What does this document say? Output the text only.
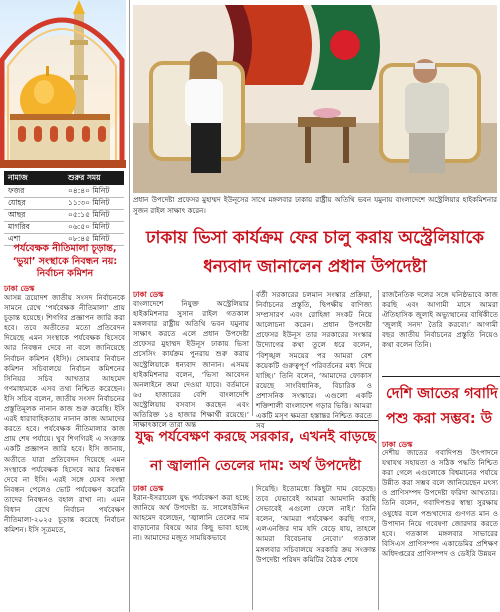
নামাজ	শুরুর সময়
ফজর	০৪:৪০ মিনিট
যোহর	১১:৩০ মিনিট
আছর	০৫:১৫ মিনিট
মাগরিব	০৬:৫০ মিনিট
এশা	০৮:৪৫ মিনিট
পর্যবেক্ষক নীতিমালা চূড়ান্ত, ‘ভুয়া’ সংস্থাকে নিবন্ধন নয়: নির্বাচন কমিশন
ঢাকা ডেস্ক
আসন্ন ত্রয়োদশ জাতীয় সংসদ নির্বাচনকে সামনে রেখে ‘পর্যবেক্ষক নীতিমালা’ প্রায় চূড়ান্ত হয়েছে। শিগগির প্রজ্ঞাপন জারি করা হবে। তবে অতীতের মতো প্রতিবেদন দিয়েছে এমন সংস্থাকে পর্যবেক্ষক হিসেবে আর নিবন্ধন দেবে না বলে জানিয়েছে নির্বাচন কমিশন (ইসি)। সোমবার নির্বাচন কমিশন সচিবালয়ে নির্বাচন কমিশনের সিনিয়র সচিব আখতার আহমেদ গণমাধ্যমকে এসব তথ্য নিশ্চিত করেছেন। ইসি সচিব বলেন, জাতীয় সংসদ নির্বাচনের প্রস্তুতিমূলক নানান কাজ শুরু করেছি। ইসি এরই ধারাবাহিকতায় নানান কাজ আমাদের করতে হবে। পর্যবেক্ষক নীতিমালার কাজ প্রায় শেষ পর্যায়ে। খুব শিগগিরই এ সংক্রান্ত একটি প্রজ্ঞাপন জারি হবে। ইসি জানায়, অতীতে যারা প্রতিবেদন দিয়েছে এমন সংস্থাকে পর্যবেক্ষক হিসেবে আর নিবন্ধন দেবে না ইসি। এরই সঙ্গে যেসব সংস্থা নিবন্ধন পেলেও ভোট পর্যবেক্ষণ করেনি তাদের নিবন্ধনও বহাল রাখা না। এমন বিধান রেখে নির্বাচন পর্যবেক্ষণ নীতিমালা-২০২৫ চূড়ান্ত করেছে নির্বাচন কমিশন। ইসি সূত্রমতে,
প্রধান উপদেষ্টা প্রফেসর মুহাম্মদ ইউনূসের সাথে মঙ্গলবার ঢাকায় রাষ্ট্রীয় অতিথি ভবন যমুনায় বাংলাদেশে অস্ট্রেলিয়ার হাইকমিশনার সুজন রাইল সাক্ষাৎ করেন।
ঢাকায় ভিসা কার্যক্রম ফের চালু করায় অস্ট্রেলিয়াকে ধন্যবাদ জানালেন প্রধান উপদেষ্টা
ঢাকা ডেস্ক
বাংলাদেশে নিযুক্ত অস্ট্রেলিয়ার হাইকমিশনার সুসান রাইল গতকাল মঙ্গলবার রাষ্ট্রীয় অতিথি ভবন যমুনায় সাক্ষাৎ করতে এলে প্রধান উপদেষ্টা প্রফেসর মুহাম্মদ ইউনূস ঢাকায় ভিসা প্রসেসিং কার্যক্রম পুনরায় শুরু করায় অস্ট্রেলিয়াকে ধন্যবাদ জানান। এসময় হাইকমিশনার বলেন, ‘ভিসা আবেদন অনলাইনে জমা দেওয়া যাবে। বর্তমানে ৬৫ হাজারের বেশি বাংলাদেশি অস্ট্রেলিয়ায় বসবাস করছেন এবং অতিরিক্ত ১৪ হাজার শিক্ষার্থী রয়েছে।’ সাক্ষাৎকালে তারা অন্ত
র্বর্তী সরকারের চলমান সংস্কার প্রক্রিয়া, নির্বাচনের প্রস্তুতি, দ্বিপক্ষীয় বাণিজ্য সম্প্রসারণ এবং রোহিঙ্গা সংকট নিয়ে আলোচনা করেন। প্রধান উপদেষ্টা প্রফেসর ইউনূস তার সরকারের সংস্কার উদ্যোগের কথা তুলে ধরে বলেন, ‘বিশৃঙ্খল সময়ের পর আমরা বেশ কয়েকটি গুরুত্বপূর্ণ পরিবর্তনের মধ্য দিয়ে যাচ্ছি।’ তিনি বলেন, ‘আমাদের ফোকাস রয়েছে সাংবিধানিক, বিচারিক ও প্রশাসনিক সংস্কারে। এগুলো একটি শক্তিশালী বাংলাদেশ গড়ার ভিত্তি। আমরা একটি মসৃণ ক্ষমতা হস্তান্তর নিশ্চিত করতে সব
রাজনৈতিক দলের সঙ্গে ঘনিষ্ঠভাবে কাজ করছি এবং আগামী মাসে আমরা ঐতিহাসিক জুলাই অভ্যুত্থানের বার্ষিকীতে ‘জুলাই সনদ’ তৈরি করবো।’ আগামী বছর জাতীয় নির্বাচনের প্রস্তুতি নিয়েও কথা বলেন তিনি।
দেশি জাতের গবাদি পশু করা সম্ভব: উ
ঢাকা ডেস্ক
দেশীয় জাতের গবাদিপশু উৎপাদনে যথাযথ সহায়তা ও সঠিক পদ্ধতি নিশ্চিত করা গেলে এগুলোকে বিশ্বমানের পর্যায়ে উন্নীত করা সম্ভব বলে জানিয়েছেন মৎস্য ও প্রাণিসম্পদ উপদেষ্টা ফরিদা আখতার। তিনি বলেন, গবাদিপশুর স্বাস্থ্য সুরক্ষায় ওষুধের বলে পশুখাদ্যের গুণগত মান ও উপাদান নিয়ে গবেষণা জোরদার করতে হবে। গতকাল মঙ্গলবার সাভারের বিসিএস প্রাণিসম্পদ একাডেমির প্রশিক্ষণ অধিদপ্তরের প্রাণিসম্পদ ও ডেইরি উন্নয়ন
যুদ্ধ পর্যবেক্ষণ করছে সরকার, এখনই বাড়ছে না জ্বালানি তেলের দাম: অর্থ উপদেষ্টা
ঢাকা ডেস্ক
ইরান-ইসরায়েল যুদ্ধ পর্যবেক্ষণ করা হচ্ছে জানিয়ে অর্থ উপদেষ্টা ড. সালেহউদ্দিন আহমেদ বলেছেন, ‘জ্বালানি তেলের দাম বাড়ানোর বিষয়ে আর কিছু ভাবা হচ্ছে না। আমাদের মজুত সাময়িকভাবে
দিয়েছি। ইতোমধ্যে কিছুটা দাম বেড়েছে। তবে যেভাবেই আমরা আমদানি করছি সেভাবেই এগুলো ফেলে নাই।’ তিনি বলেন, ‘আমরা পর্যবেক্ষণ করছি গ্যাস, এলএনজির দাম যদি বেড়ে যায়, তাহলে আমরা বিবেচনায় নেবো।’ গতকাল মঙ্গলবার সচিবালয়ে সরকারি ক্রয় সংক্রান্ত উপদেষ্টা পরিষদ কমিটির বৈঠক শেষে
